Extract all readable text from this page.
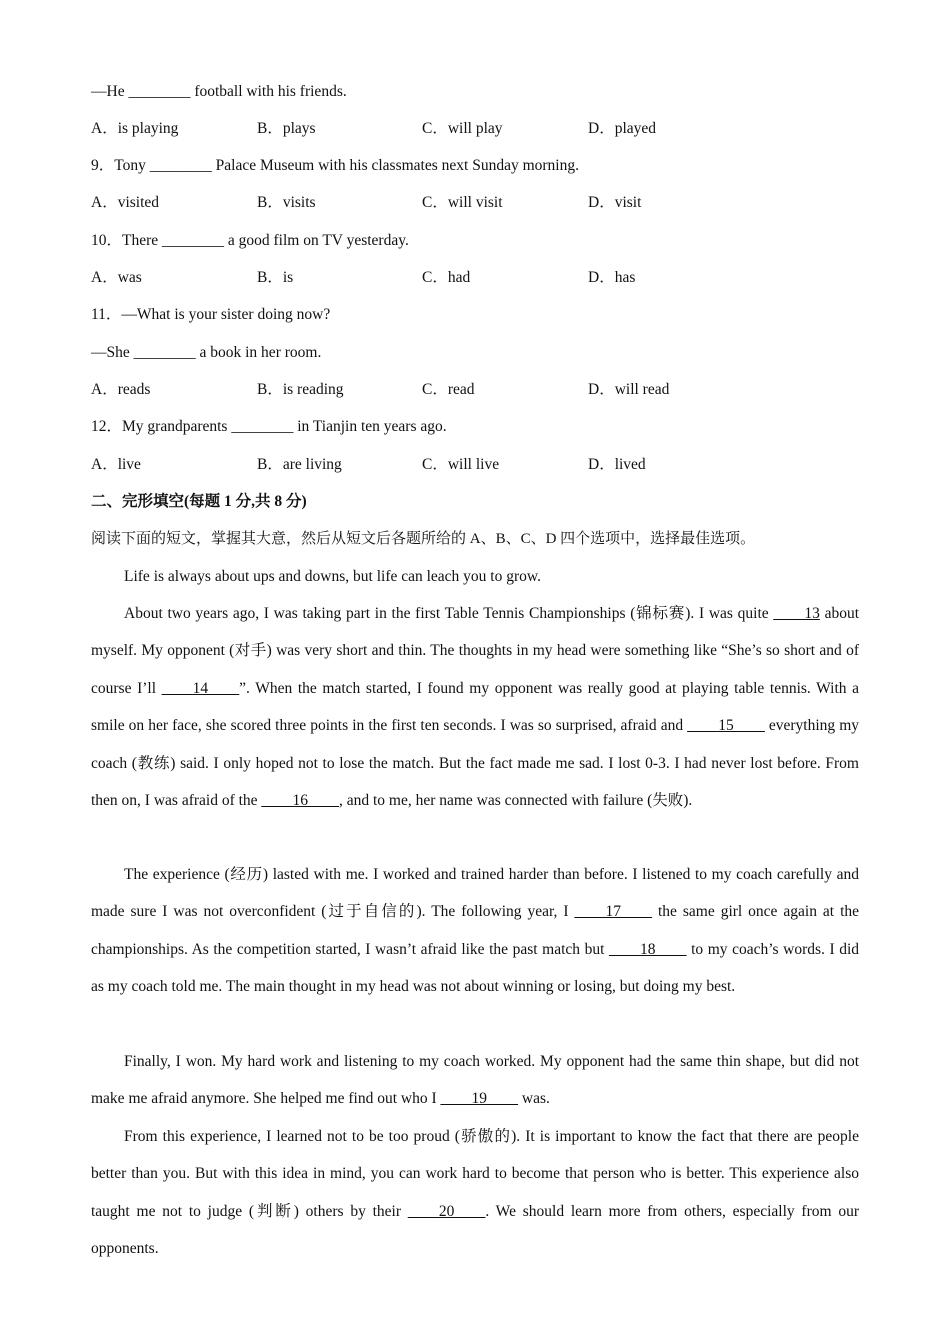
—He ________ football with his friends.
A．is playing	B．plays	C．will play	D．played
9．Tony ________ Palace Museum with his classmates next Sunday morning.
A．visited	B．visits	C．will visit	D．visit
10．There ________ a good film on TV yesterday.
A．was	B．is	C．had	D．has
11．—What is your sister doing now?
—She ________ a book in her room.
A．reads	B．is reading	C．read	D．will read
12．My grandparents ________ in Tianjin ten years ago.
A．live	B．are living	C．will live	D．lived
二、完形填空(每题 1 分,共 8 分)
阅读下面的短文，掌握其大意，然后从短文后各题所给的 A、B、C、D 四个选项中，选择最佳选项。
Life is always about ups and downs, but life can leach you to grow.
About two years ago, I was taking part in the first Table Tennis Championships (锦标赛). I was quite ____13 about myself. My opponent (对手) was very short and thin. The thoughts in my head were something like “She’s so short and of course I’ll ____14____”. When the match started, I found my opponent was really good at playing table tennis. With a smile on her face, she scored three points in the first ten seconds. I was so surprised, afraid and ____15____ everything my coach (教练) said. I only hoped not to lose the match. But the fact made me sad. I lost 0-3. I had never lost before. From then on, I was afraid of the ____16____, and to me, her name was connected with failure (失败).
The experience (经历) lasted with me. I worked and trained harder than before. I listened to my coach carefully and made sure I was not overconfident (过于自信的). The following year, I ____17____ the same girl once again at the championships. As the competition started, I wasn’t afraid like the past match but ____18____ to my coach’s words. I did as my coach told me. The main thought in my head was not about winning or losing, but doing my best.
Finally, I won. My hard work and listening to my coach worked. My opponent had the same thin shape, but did not make me afraid anymore. She helped me find out who I ____19____ was.
From this experience, I learned not to be too proud (骄傲的). It is important to know the fact that there are people better than you. But with this idea in mind, you can work hard to become that person who is better. This experience also taught me not to judge (判断) others by their ____20____. We should learn more from others, especially from our opponents.
